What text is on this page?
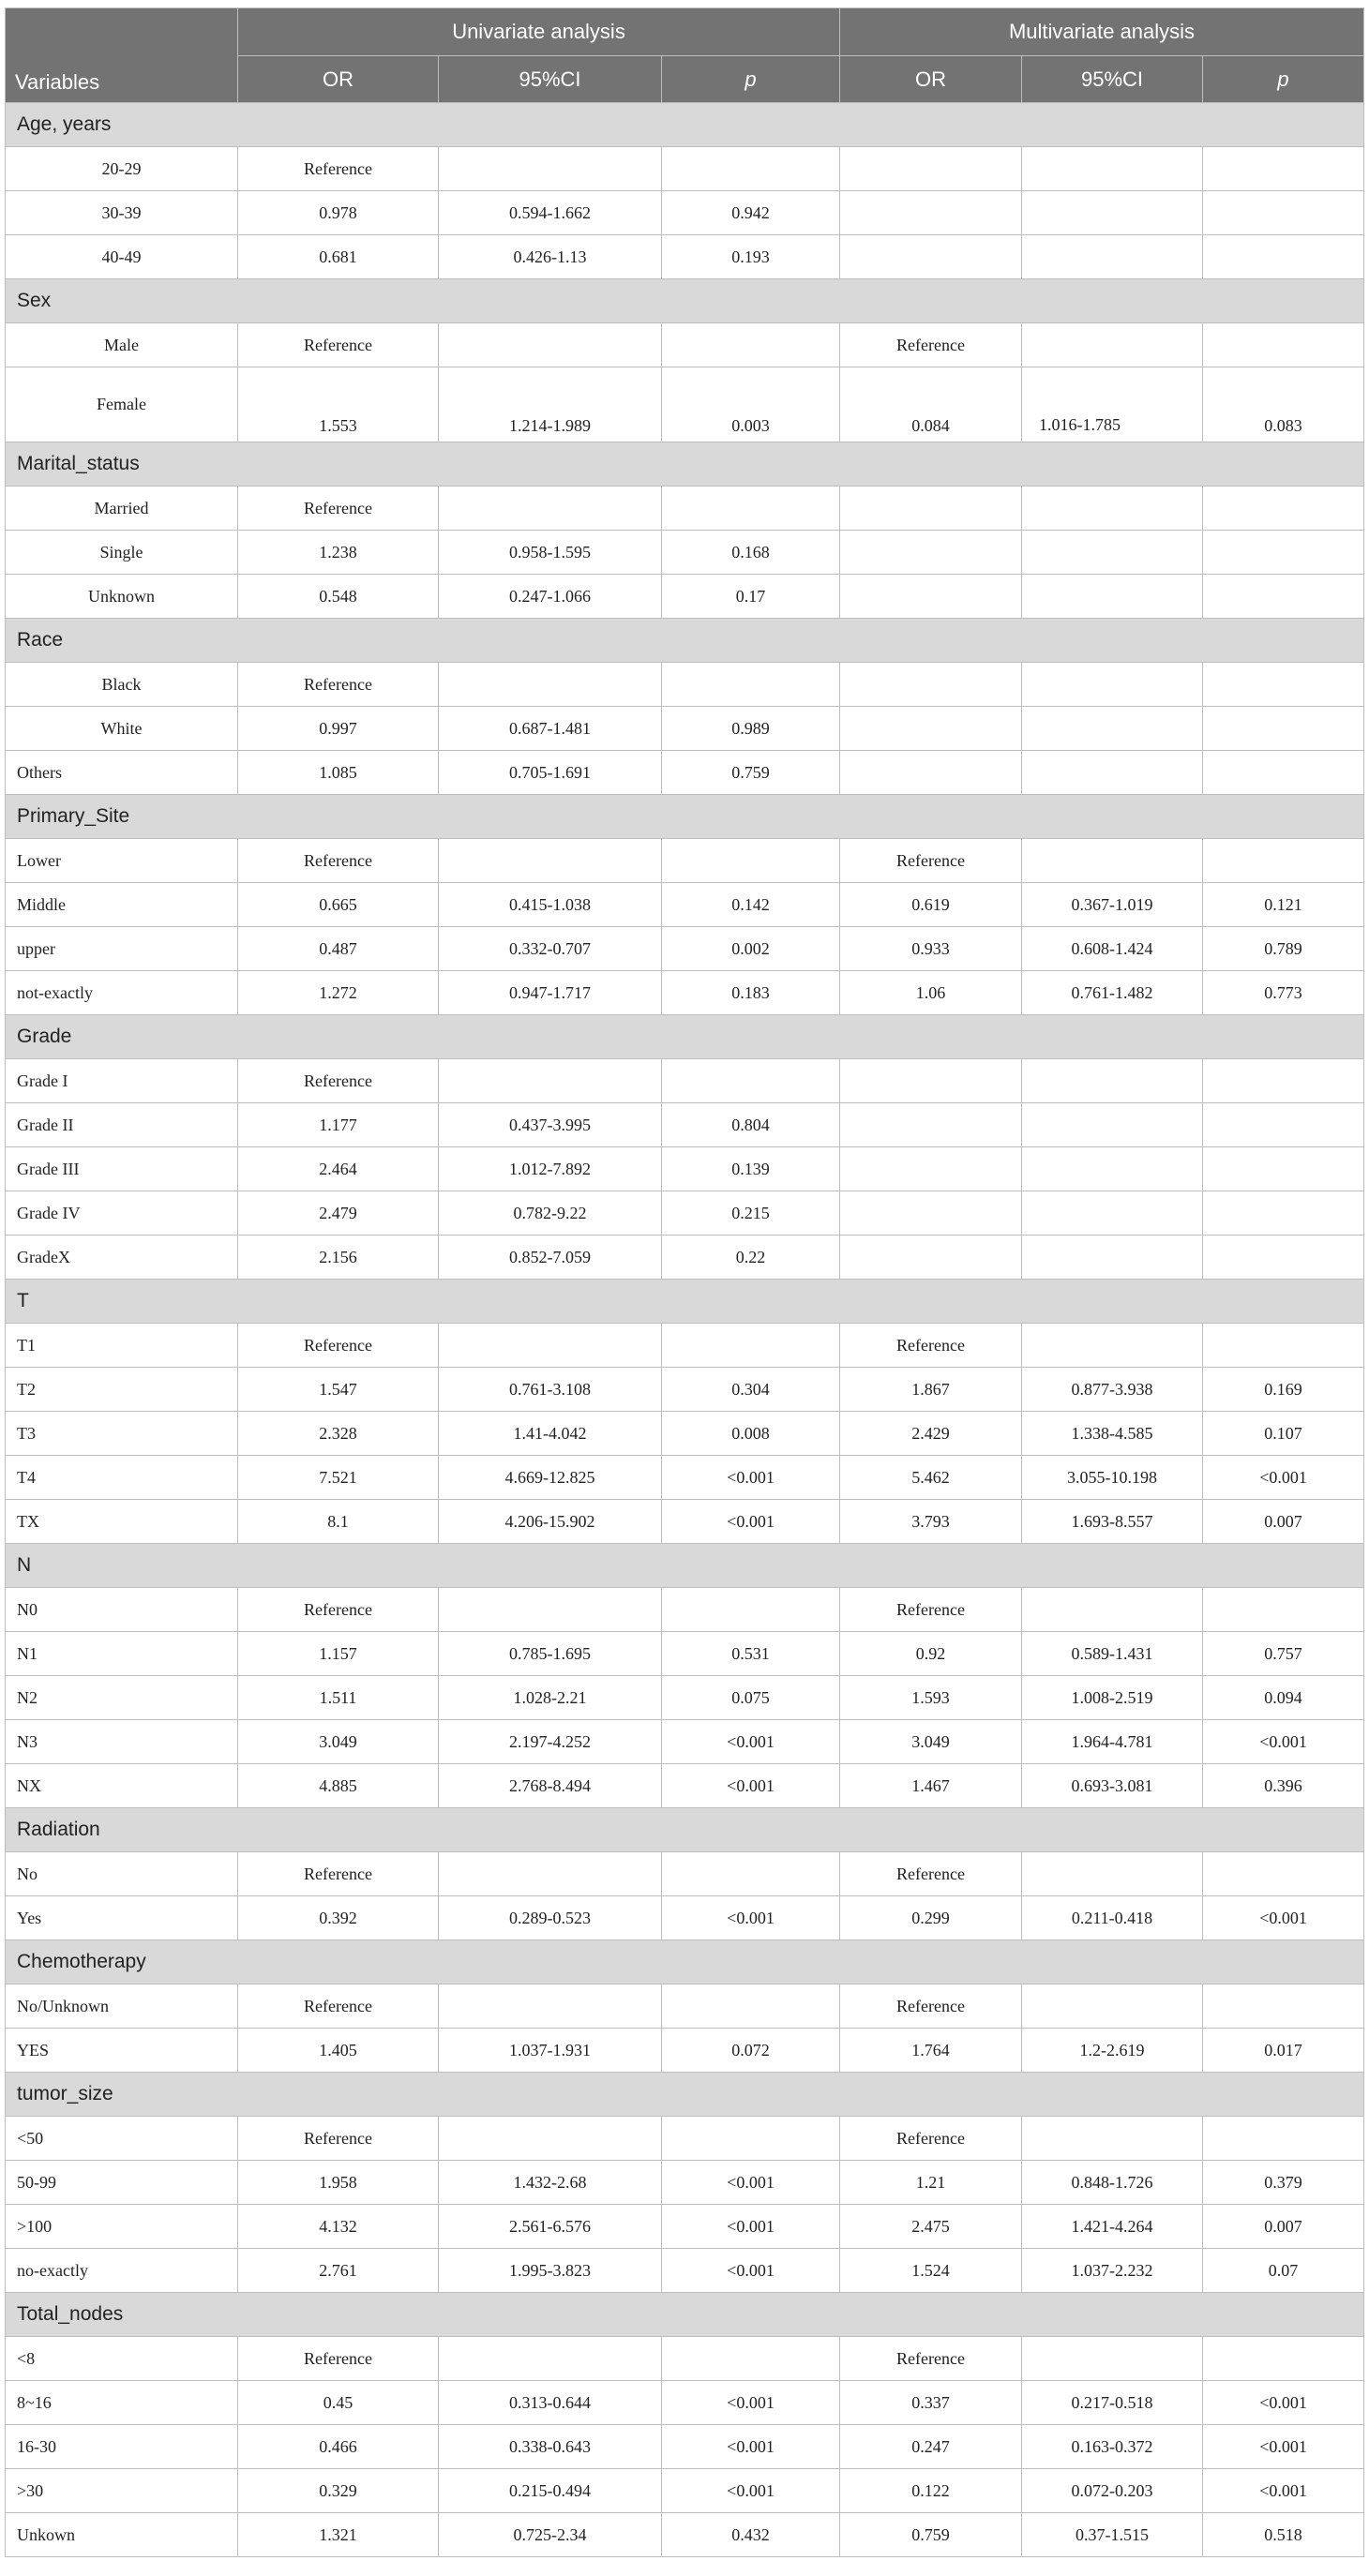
Variables	Univariate analysis			Multivariate analysis		
	OR	95%CI	p	OR	95%CI	p
Age, years						
20-29	Reference					
30-39	0.978	0.594-1.662	0.942			
40-49	0.681	0.426-1.13	0.193			
Sex						
Male	Reference			Reference		
Female	1.553	1.214-1.989	0.003	0.084	1.016-1.785	0.083
Marital_status						
Married	Reference					
Single	1.238	0.958-1.595	0.168			
Unknown	0.548	0.247-1.066	0.17			
Race						
Black	Reference					
White	0.997	0.687-1.481	0.989			
Others	1.085	0.705-1.691	0.759			
Primary_Site						
Lower	Reference			Reference		
Middle	0.665	0.415-1.038	0.142	0.619	0.367-1.019	0.121
upper	0.487	0.332-0.707	0.002	0.933	0.608-1.424	0.789
not-exactly	1.272	0.947-1.717	0.183	1.06	0.761-1.482	0.773
Grade						
Grade I	Reference					
Grade II	1.177	0.437-3.995	0.804			
Grade III	2.464	1.012-7.892	0.139			
Grade IV	2.479	0.782-9.22	0.215			
GradeX	2.156	0.852-7.059	0.22			
T						
T1	Reference			Reference		
T2	1.547	0.761-3.108	0.304	1.867	0.877-3.938	0.169
T3	2.328	1.41-4.042	0.008	2.429	1.338-4.585	0.107
T4	7.521	4.669-12.825	<0.001	5.462	3.055-10.198	<0.001
TX	8.1	4.206-15.902	<0.001	3.793	1.693-8.557	0.007
N						
N0	Reference			Reference		
N1	1.157	0.785-1.695	0.531	0.92	0.589-1.431	0.757
N2	1.511	1.028-2.21	0.075	1.593	1.008-2.519	0.094
N3	3.049	2.197-4.252	<0.001	3.049	1.964-4.781	<0.001
NX	4.885	2.768-8.494	<0.001	1.467	0.693-3.081	0.396
Radiation						
No	Reference			Reference		
Yes	0.392	0.289-0.523	<0.001	0.299	0.211-0.418	<0.001
Chemotherapy						
No/Unknown	Reference			Reference		
YES	1.405	1.037-1.931	0.072	1.764	1.2-2.619	0.017
tumor_size						
<50	Reference			Reference		
50-99	1.958	1.432-2.68	<0.001	1.21	0.848-1.726	0.379
>100	4.132	2.561-6.576	<0.001	2.475	1.421-4.264	0.007
no-exactly	2.761	1.995-3.823	<0.001	1.524	1.037-2.232	0.07
Total_nodes						
<8	Reference			Reference		
8~16	0.45	0.313-0.644	<0.001	0.337	0.217-0.518	<0.001
16-30	0.466	0.338-0.643	<0.001	0.247	0.163-0.372	<0.001
>30	0.329	0.215-0.494	<0.001	0.122	0.072-0.203	<0.001
Unkown	1.321	0.725-2.34	0.432	0.759	0.37-1.515	0.518
